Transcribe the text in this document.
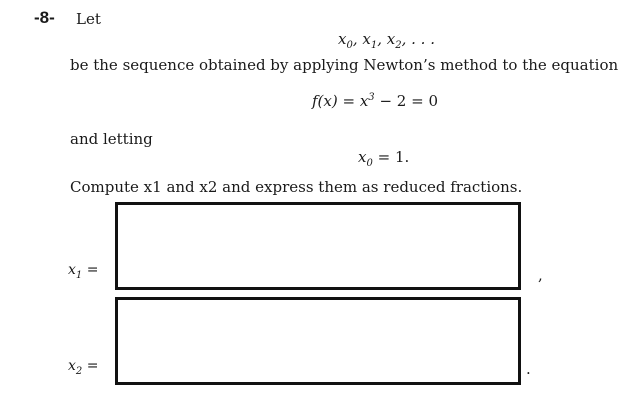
-8- Let
$x_0$, $x_1$, $x_2$, . . .
be the sequence obtained by applying Newton’s method to the equation
$f(x) = x^3 - 2 = 0$
and letting
$x_0 = 1$.
Compute x1 and x2 and express them as reduced fractions.
$x_1$ =	,
$x_2$ =	.
